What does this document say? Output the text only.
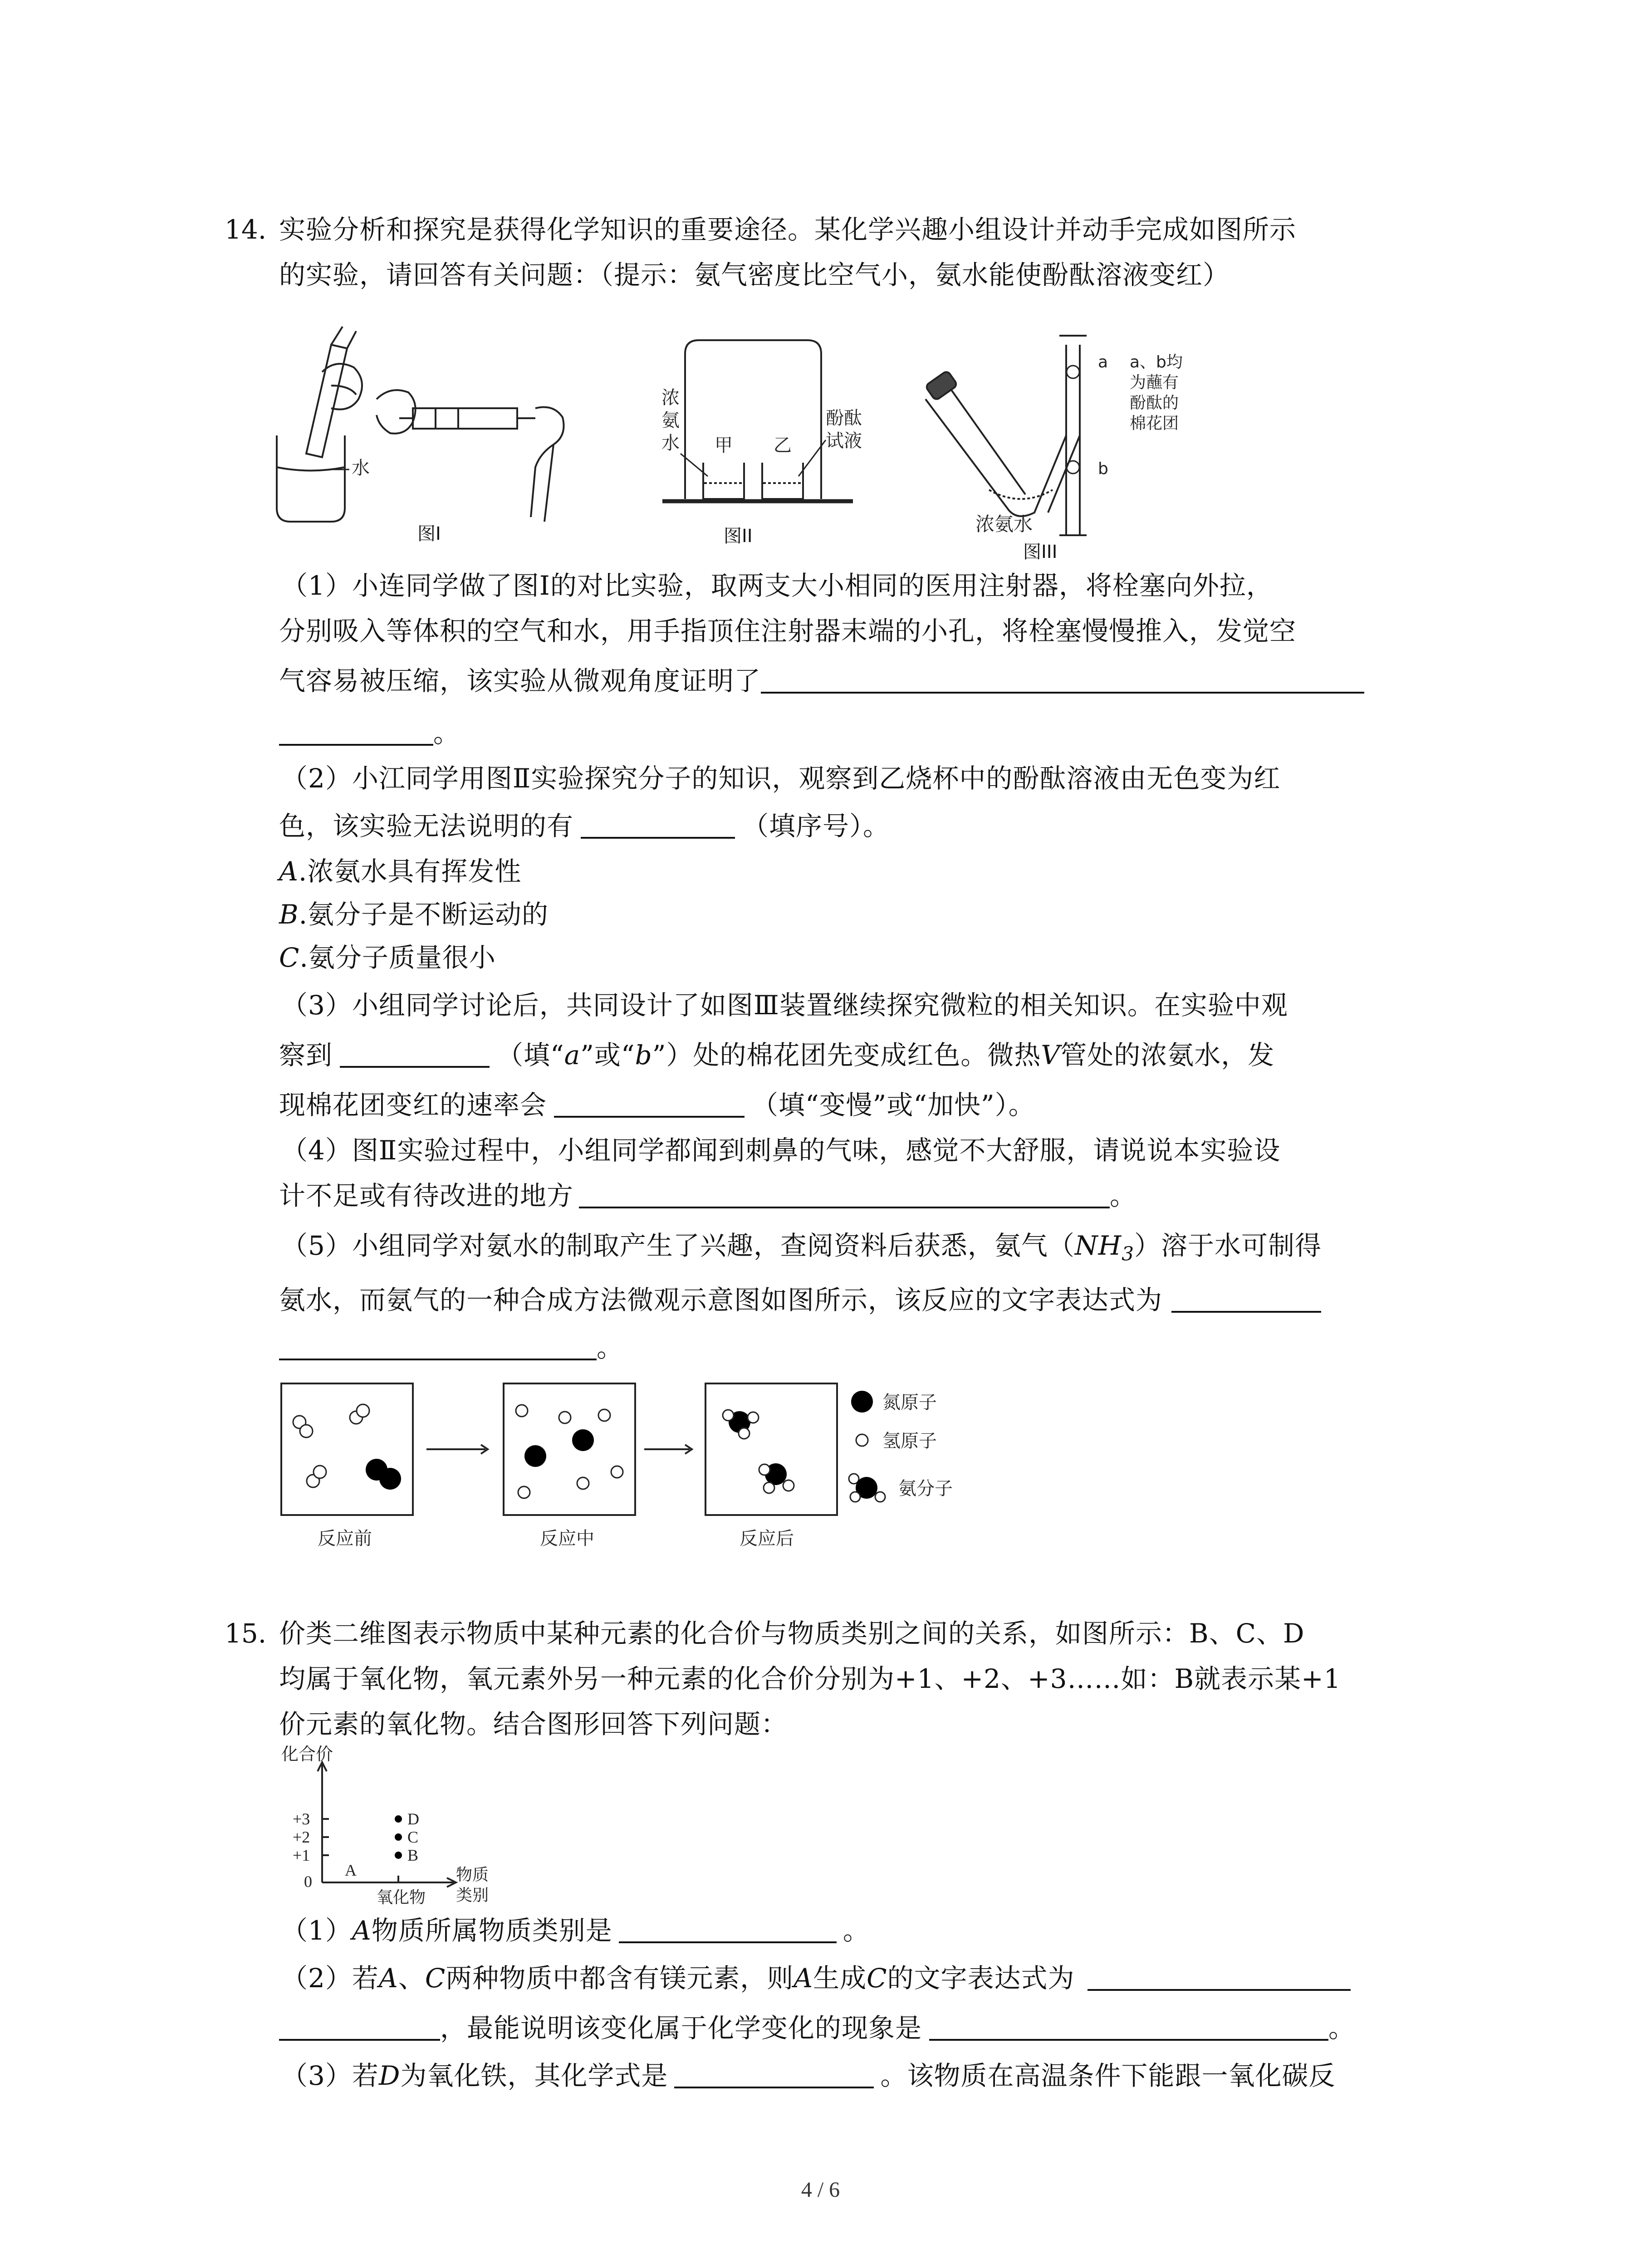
14. 实验分析和探究是获得化学知识的重要途径。某化学兴趣小组设计并动手完成如图所示
的实验，请回答有关问题：（提示：氨气密度比空气小，氨水能使酚酞溶液变红）
水
图I
浓
氨
水 甲 乙
酚酞
试液
图II
a
b
a、b均
为蘸有
酚酞的
棉花团
浓氨水
图III
（1）小连同学做了图Ⅰ的对比实验，取两支大小相同的医用注射器，将栓塞向外拉，
分别吸入等体积的空气和水，用手指顶住注射器末端的小孔，将栓塞慢慢推入，发觉空
气容易被压缩，该实验从微观角度证明了
。
（2）小江同学用图Ⅱ实验探究分子的知识，观察到乙烧杯中的酚酞溶液由无色变为红
色，该实验无法说明的有	（填序号）。
A.浓氨水具有挥发性
B.氨分子是不断运动的
C.氨分子质量很小
（3）小组同学讨论后，共同设计了如图Ⅲ装置继续探究微粒的相关知识。在实验中观
察到	（填“a”或“b”）处的棉花团先变成红色。微热V管处的浓氨水，发
现棉花团变红的速率会	（填“变慢”或“加快”）。
（4）图Ⅱ实验过程中，小组同学都闻到刺鼻的气味，感觉不大舒服，请说说本实验设
计不足或有待改进的地方	。
（5）小组同学对氨水的制取产生了兴趣，查阅资料后获悉，氨气$(NH_3)$溶于水可制得
氨水，而氨气的一种合成方法微观示意图如图所示，该反应的文字表达式为
。
氮原子
氢原子
氨分子
反应前	反应中	反应后
15. 价类二维图表示物质中某种元素的化合价与物质类别之间的关系，如图所示：B、C、D
均属于氧化物，氧元素外另一种元素的化合价分别为+1、+2、+3……如：B就表示某+1
价元素的氧化物。结合图形回答下列问题：
化合价
+3
+2
+1
0
A
D
C
B
氧化物
物质
类别
（1）A物质所属物质类别是	。
（2）若A、C两种物质中都含有镁元素，则A生成C的文字表达式为
，最能说明该变化属于化学变化的现象是	。
（3）若D为氧化铁，其化学式是	。该物质在高温条件下能跟一氧化碳反
4 / 6
